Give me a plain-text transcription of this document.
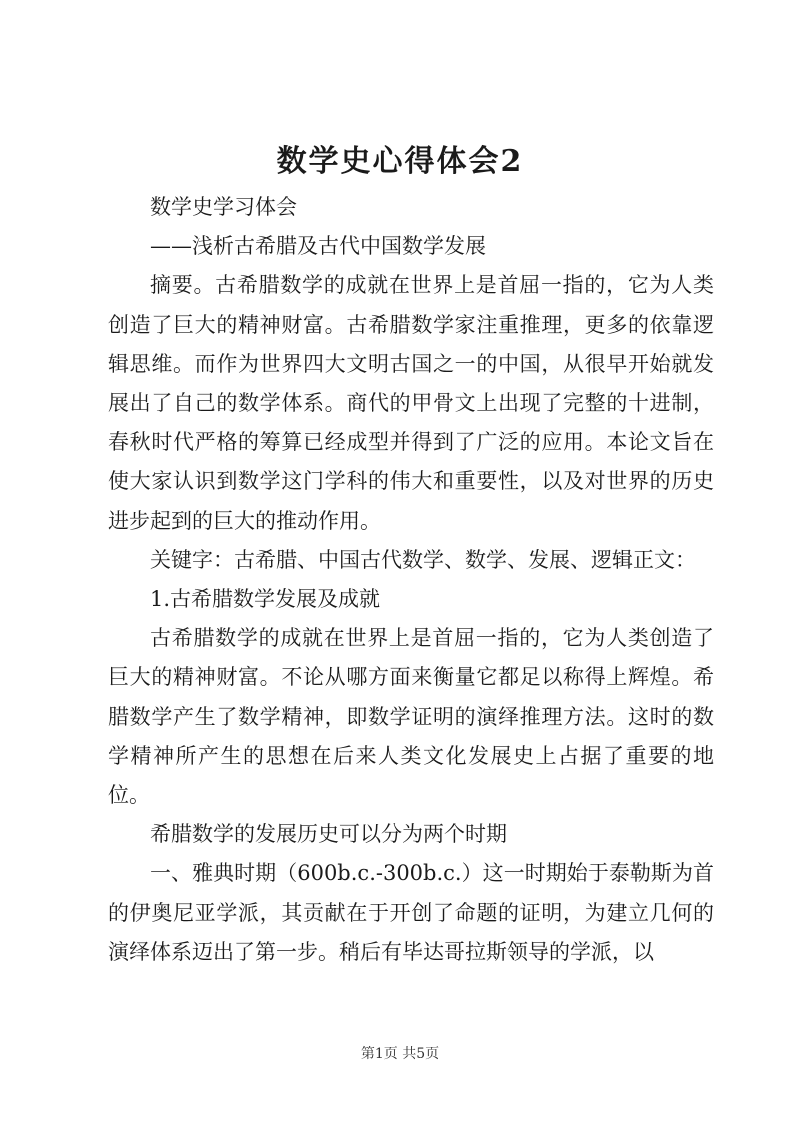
数学史心得体会2

数学史学习体会

——浅析古希腊及古代中国数学发展

摘要。古希腊数学的成就在世界上是首屈一指的，它为人类创造了巨大的精神财富。古希腊数学家注重推理，更多的依靠逻辑思维。而作为世界四大文明古国之一的中国，从很早开始就发展出了自己的数学体系。商代的甲骨文上出现了完整的十进制，春秋时代严格的筹算已经成型并得到了广泛的应用。本论文旨在使大家认识到数学这门学科的伟大和重要性，以及对世界的历史进步起到的巨大的推动作用。

关键字：古希腊、中国古代数学、数学、发展、逻辑正文：

1.古希腊数学发展及成就

古希腊数学的成就在世界上是首屈一指的，它为人类创造了巨大的精神财富。不论从哪方面来衡量它都足以称得上辉煌。希腊数学产生了数学精神，即数学证明的演绎推理方法。这时的数学精神所产生的思想在后来人类文化发展史上占据了重要的地位。

希腊数学的发展历史可以分为两个时期

一、雅典时期（600b.c.-300b.c.）这一时期始于泰勒斯为首的伊奥尼亚学派，其贡献在于开创了命题的证明，为建立几何的演绎体系迈出了第一步。稍后有毕达哥拉斯领导的学派，以

第1页 共5页
